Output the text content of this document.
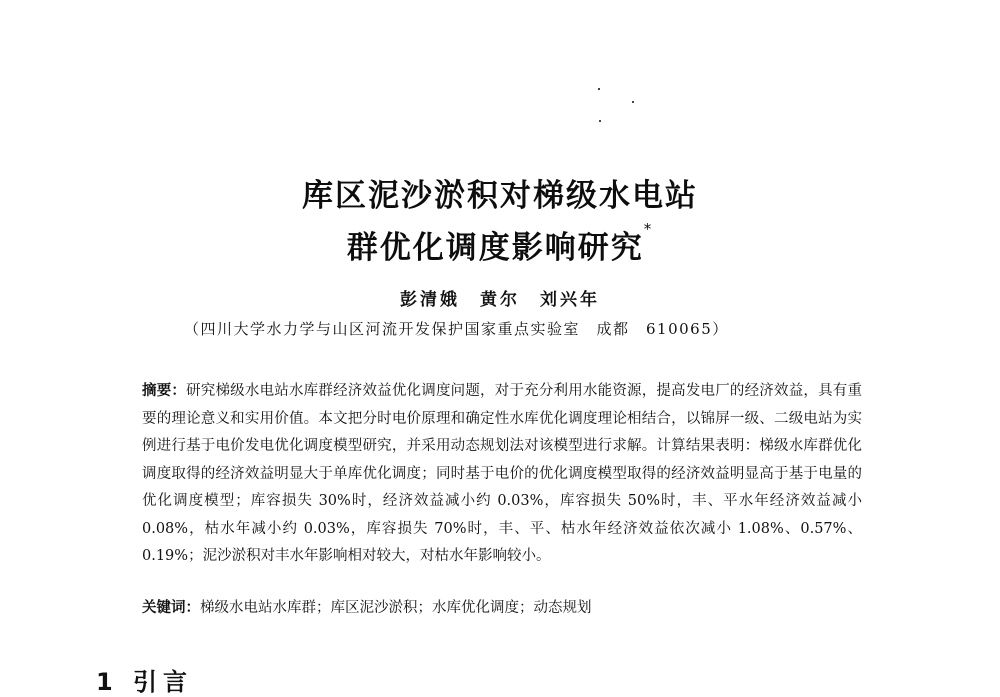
库区泥沙淤积对梯级水电站
群优化调度影响研究*
彭清娥　黄尔　刘兴年
（四川大学水力学与山区河流开发保护国家重点实验室　成都　610065）
摘要：研究梯级水电站水库群经济效益优化调度问题，对于充分利用水能资源，提高发电厂的经济效益，具有重要的理论意义和实用价值。本文把分时电价原理和确定性水库优化调度理论相结合，以锦屏一级、二级电站为实例进行基于电价发电优化调度模型研究，并采用动态规划法对该模型进行求解。计算结果表明：梯级水库群优化调度取得的经济效益明显大于单库优化调度；同时基于电价的优化调度模型取得的经济效益明显高于基于电量的优化调度模型；库容损失 30%时，经济效益减小约 0.03%，库容损失 50%时，丰、平水年经济效益减小 0.08%，枯水年减小约 0.03%，库容损失 70%时，丰、平、枯水年经济效益依次减小 1.08%、0.57%、0.19%；泥沙淤积对丰水年影响相对较大，对枯水年影响较小。
关键词：梯级水电站水库群；库区泥沙淤积；水库优化调度；动态规划
1 引言
